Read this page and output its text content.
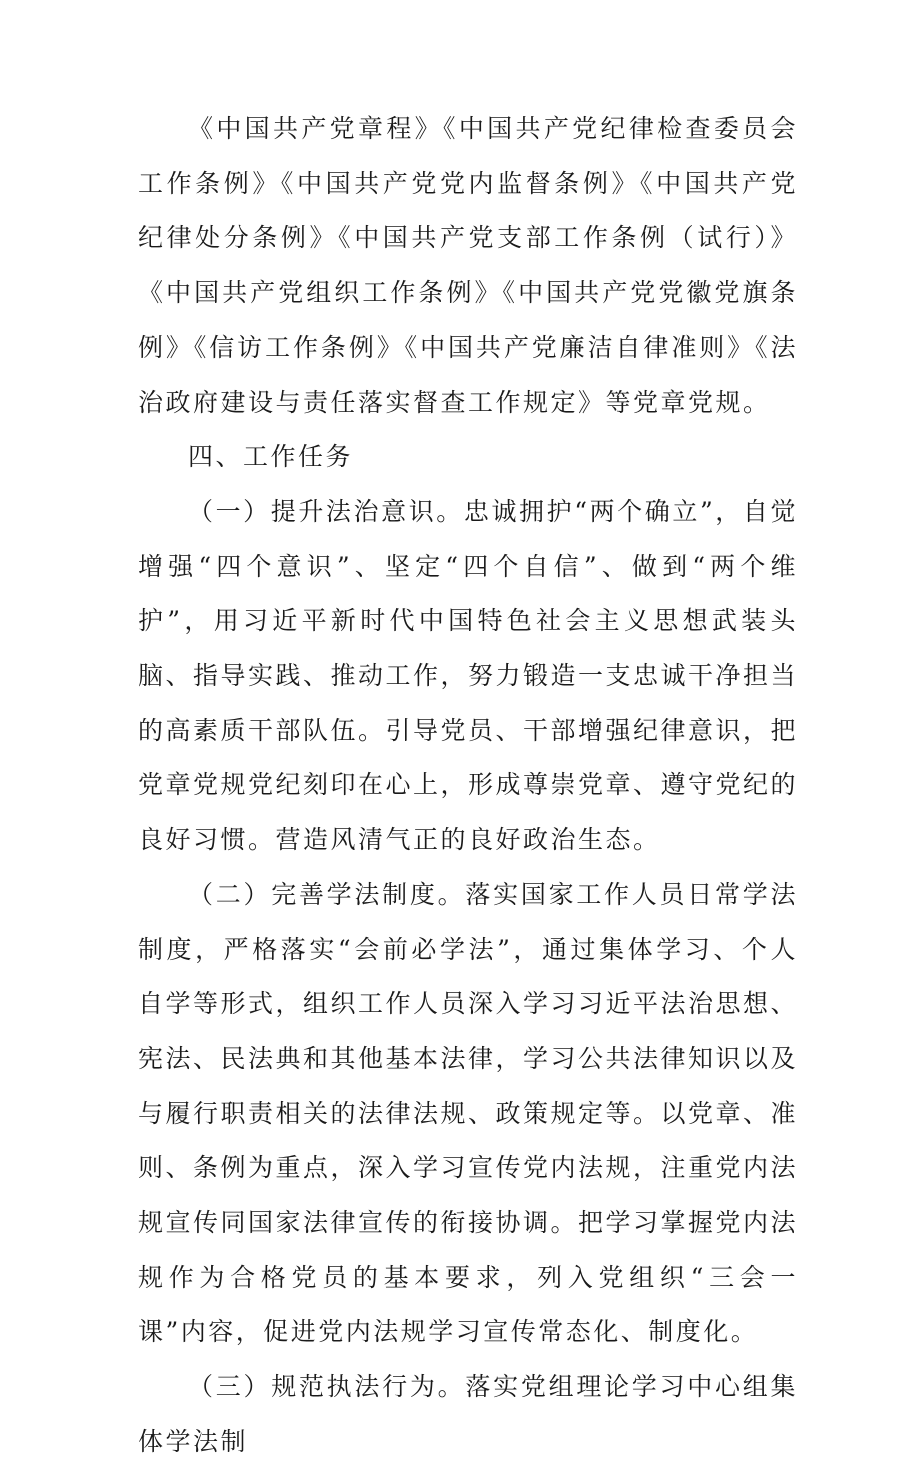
《中国共产党章程》《中国共产党纪律检查委员会工作条例》《中国共产党党内监督条例》《中国共产党纪律处分条例》《中国共产党支部工作条例（试行）》《中国共产党组织工作条例》《中国共产党党徽党旗条例》《信访工作条例》《中国共产党廉洁自律准则》《法治政府建设与责任落实督查工作规定》等党章党规。

四、工作任务

（一）提升法治意识。忠诚拥护“两个确立”，自觉增强“四个意识”、坚定“四个自信”、做到“两个维护”，用习近平新时代中国特色社会主义思想武装头脑、指导实践、推动工作，努力锻造一支忠诚干净担当的高素质干部队伍。引导党员、干部增强纪律意识，把党章党规党纪刻印在心上，形成尊崇党章、遵守党纪的良好习惯。营造风清气正的良好政治生态。

（二）完善学法制度。落实国家工作人员日常学法制度，严格落实“会前必学法”，通过集体学习、个人自学等形式，组织工作人员深入学习习近平法治思想、宪法、民法典和其他基本法律，学习公共法律知识以及与履行职责相关的法律法规、政策规定等。以党章、准则、条例为重点，深入学习宣传党内法规，注重党内法规宣传同国家法律宣传的衔接协调。把学习掌握党内法规作为合格党员的基本要求，列入党组织“三会一课”内容，促进党内法规学习宣传常态化、制度化。

（三）规范执法行为。落实党组理论学习中心组集体学法制
